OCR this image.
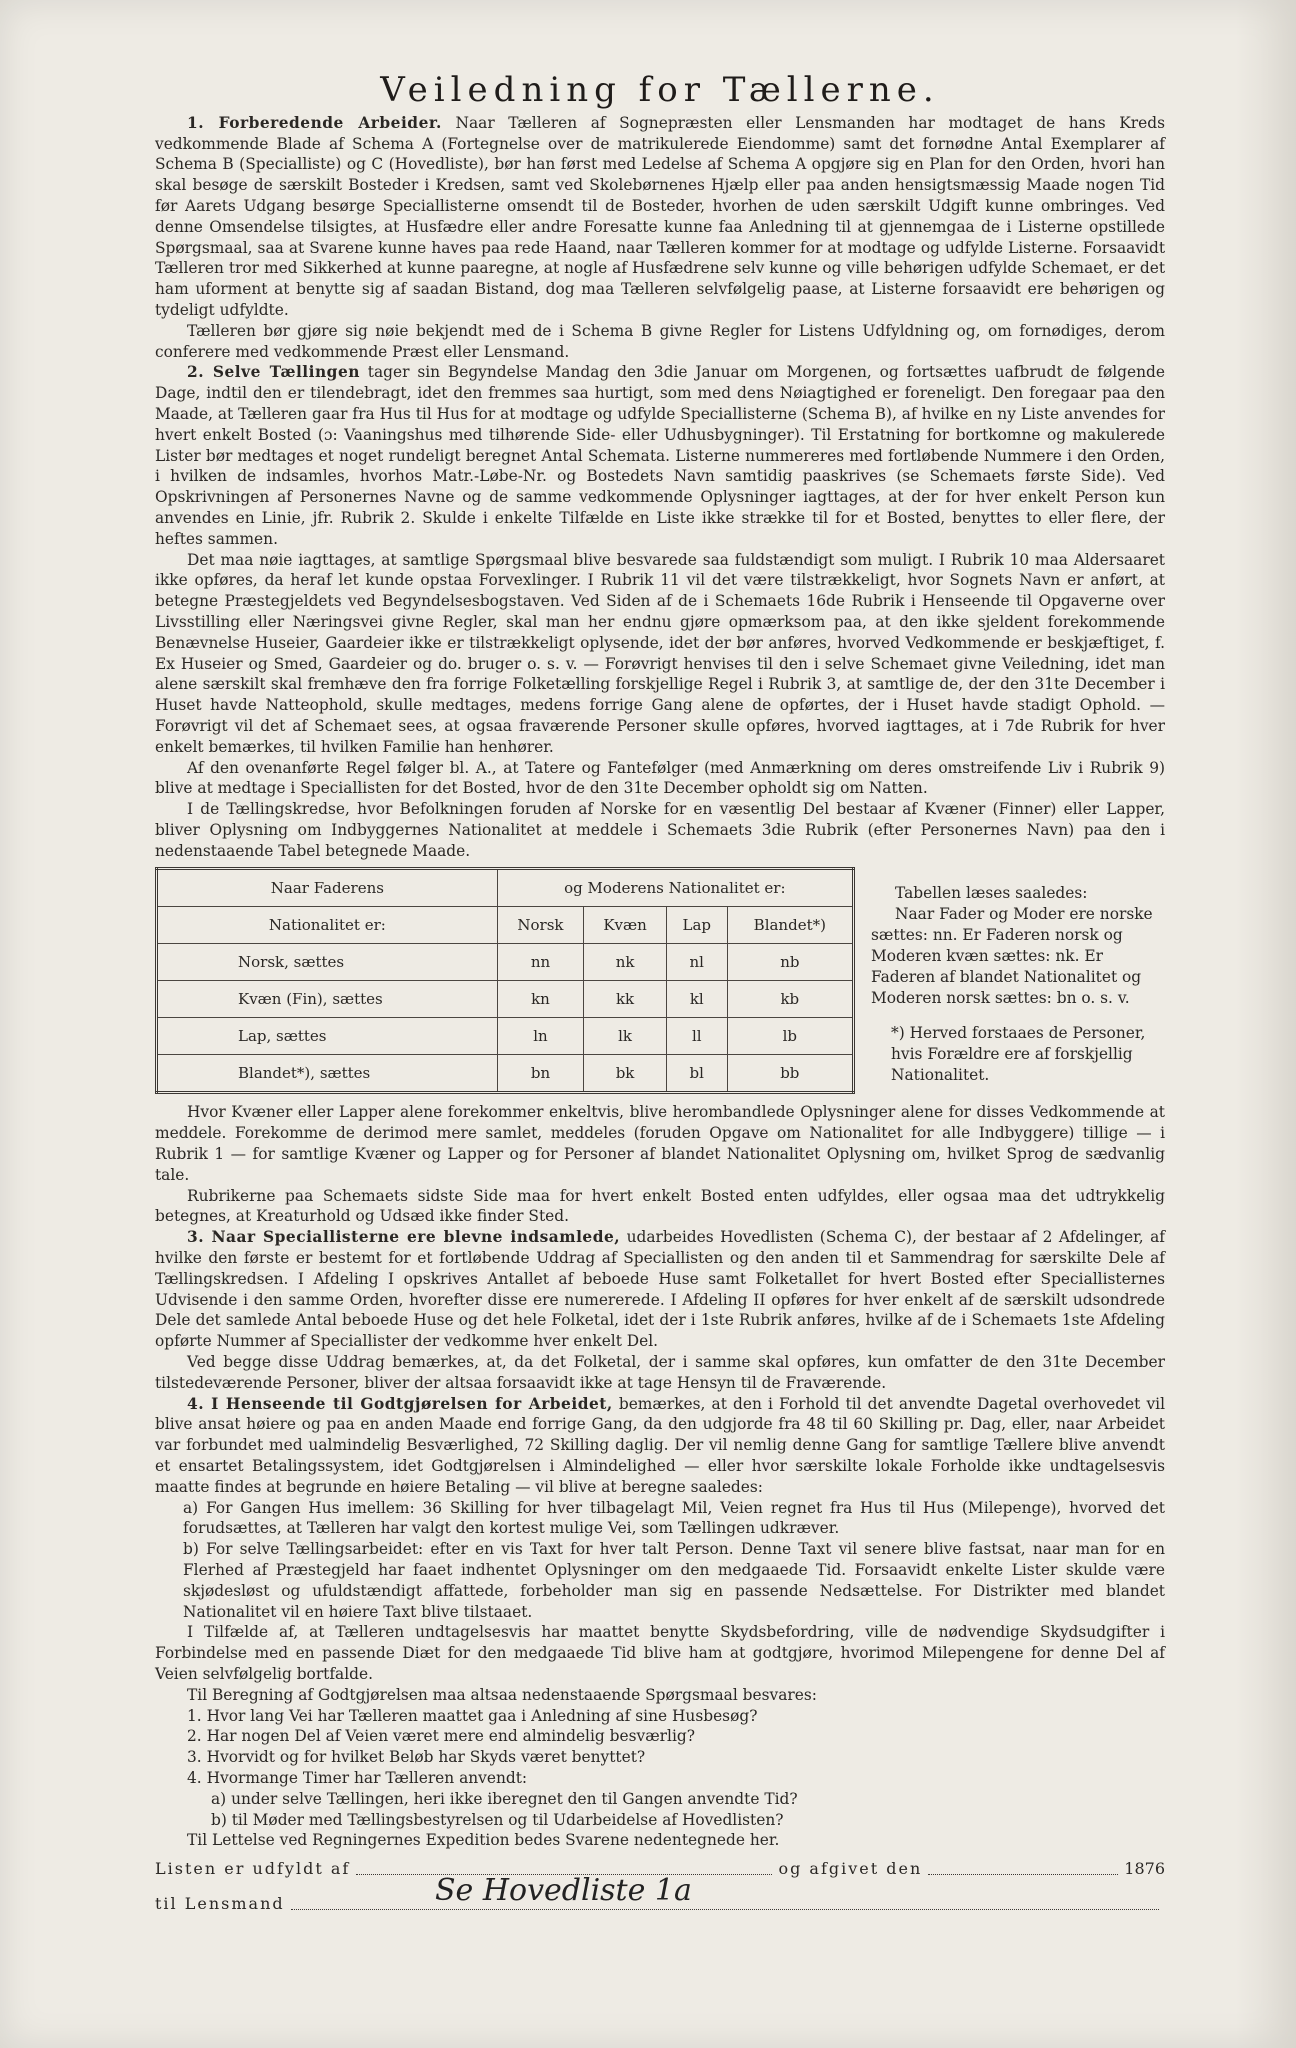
Veiledning for Tællerne.

1. Forberedende Arbeider. Naar Tælleren af Sognepræsten eller Lensmanden har modtaget de hans Kreds vedkommende Blade af Schema A (Fortegnelse over de matrikulerede Eiendomme) samt det fornødne Antal Exemplarer af Schema B (Specialliste) og C (Hovedliste), bør han først med Ledelse af Schema A opgjøre sig en Plan for den Orden, hvori han skal besøge de særskilt Bosteder i Kredsen, samt ved Skolebørnenes Hjælp eller paa anden hensigtsmæssig Maade nogen Tid før Aarets Udgang besørge Speciallisterne omsendt til de Bosteder, hvorhen de uden særskilt Udgift kunne ombringes. Ved denne Omsendelse tilsigtes, at Husfædre eller andre Foresatte kunne faa Anledning til at gjennemgaa de i Listerne opstillede Spørgsmaal, saa at Svarene kunne haves paa rede Haand, naar Tælleren kommer for at modtage og udfylde Listerne. Forsaavidt Tælleren tror med Sikkerhed at kunne paaregne, at nogle af Husfædrene selv kunne og ville behørigen udfylde Schemaet, er det ham uforment at benytte sig af saadan Bistand, dog maa Tælleren selvfølgelig paase, at Listerne forsaavidt ere behørigen og tydeligt udfyldte.

Tælleren bør gjøre sig nøie bekjendt med de i Schema B givne Regler for Listens Udfyldning og, om fornødiges, derom conferere med vedkommende Præst eller Lensmand.

2. Selve Tællingen tager sin Begyndelse Mandag den 3die Januar om Morgenen, og fortsættes uafbrudt de følgende Dage, indtil den er tilendebragt, idet den fremmes saa hurtigt, som med dens Nøiagtighed er foreneligt. Den foregaar paa den Maade, at Tælleren gaar fra Hus til Hus for at modtage og udfylde Speciallisterne (Schema B), af hvilke en ny Liste anvendes for hvert enkelt Bosted (ɔ: Vaaningshus med tilhørende Side- eller Udhusbygninger). Til Erstatning for bortkomne og makulerede Lister bør medtages et noget rundeligt beregnet Antal Schemata. Listerne nummereres med fortløbende Nummere i den Orden, i hvilken de indsamles, hvorhos Matr.-Løbe-Nr. og Bostedets Navn samtidig paaskrives (se Schemaets første Side). Ved Opskrivningen af Personernes Navne og de samme vedkommende Oplysninger iagttages, at der for hver enkelt Person kun anvendes en Linie, jfr. Rubrik 2. Skulde i enkelte Tilfælde en Liste ikke strække til for et Bosted, benyttes to eller flere, der heftes sammen.

Det maa nøie iagttages, at samtlige Spørgsmaal blive besvarede saa fuldstændigt som muligt. I Rubrik 10 maa Aldersaaret ikke opføres, da heraf let kunde opstaa Forvexlinger. I Rubrik 11 vil det være tilstrækkeligt, hvor Sognets Navn er anført, at betegne Præstegjeldets ved Begyndelsesbogstaven. Ved Siden af de i Schemaets 16de Rubrik i Henseende til Opgaverne over Livsstilling eller Næringsvei givne Regler, skal man her endnu gjøre opmærksom paa, at den ikke sjeldent forekommende Benævnelse Huseier, Gaardeier ikke er tilstrækkeligt oplysende, idet der bør anføres, hvorved Vedkommende er beskjæftiget, f. Ex Huseier og Smed, Gaardeier og do. bruger o. s. v. — Forøvrigt henvises til den i selve Schemaet givne Veiledning, idet man alene særskilt skal fremhæve den fra forrige Folketælling forskjellige Regel i Rubrik 3, at samtlige de, der den 31te December i Huset havde Natteophold, skulle medtages, medens forrige Gang alene de opførtes, der i Huset havde stadigt Ophold. — Forøvrigt vil det af Schemaet sees, at ogsaa fraværende Personer skulle opføres, hvorved iagttages, at i 7de Rubrik for hver enkelt bemærkes, til hvilken Familie han henhører.

Af den ovenanførte Regel følger bl. A., at Tatere og Fantefølger (med Anmærkning om deres omstreifende Liv i Rubrik 9) blive at medtage i Speciallisten for det Bosted, hvor de den 31te December opholdt sig om Natten.

I de Tællingskredse, hvor Befolkningen foruden af Norske for en væsentlig Del bestaar af Kvæner (Finner) eller Lapper, bliver Oplysning om Indbyggernes Nationalitet at meddele i Schemaets 3die Rubrik (efter Personernes Navn) paa den i nedenstaaende Tabel betegnede Maade.

Naar Faderens	og Moderens Nationalitet er:			
Nationalitet er:	Norsk	Kvæn	Lap	Blandet*)
Norsk, sættes	nn	nk	nl	nb
Kvæn (Fin), sættes	kn	kk	kl	kb
Lap, sættes	ln	lk	ll	lb
Blandet*), sættes	bn	bk	bl	bb

Tabellen læses saaledes:

Naar Fader og Moder ere norske sættes: nn. Er Faderen norsk og Moderen kvæn sættes: nk. Er Faderen af blandet Nationalitet og Moderen norsk sættes: bn o. s. v.

*) Herved forstaaes de Personer, hvis Forældre ere af forskjellig Nationalitet.

Hvor Kvæner eller Lapper alene forekommer enkeltvis, blive herombandlede Oplysninger alene for disses Vedkommende at meddele. Forekomme de derimod mere samlet, meddeles (foruden Opgave om Nationalitet for alle Indbyggere) tillige — i Rubrik 1 — for samtlige Kvæner og Lapper og for Personer af blandet Nationalitet Oplysning om, hvilket Sprog de sædvanlig tale.

Rubrikerne paa Schemaets sidste Side maa for hvert enkelt Bosted enten udfyldes, eller ogsaa maa det udtrykkelig betegnes, at Kreaturhold og Udsæd ikke finder Sted.

3. Naar Speciallisterne ere blevne indsamlede, udarbeides Hovedlisten (Schema C), der bestaar af 2 Afdelinger, af hvilke den første er bestemt for et fortløbende Uddrag af Speciallisten og den anden til et Sammendrag for særskilte Dele af Tællingskredsen. I Afdeling I opskrives Antallet af beboede Huse samt Folketallet for hvert Bosted efter Speciallisternes Udvisende i den samme Orden, hvorefter disse ere numererede. I Afdeling II opføres for hver enkelt af de særskilt udsondrede Dele det samlede Antal beboede Huse og det hele Folketal, idet der i 1ste Rubrik anføres, hvilke af de i Schemaets 1ste Afdeling opførte Nummer af Speciallister der vedkomme hver enkelt Del.

Ved begge disse Uddrag bemærkes, at, da det Folketal, der i samme skal opføres, kun omfatter de den 31te December tilstedeværende Personer, bliver der altsaa forsaavidt ikke at tage Hensyn til de Fraværende.

4. I Henseende til Godtgjørelsen for Arbeidet, bemærkes, at den i Forhold til det anvendte Dagetal overhovedet vil blive ansat høiere og paa en anden Maade end forrige Gang, da den udgjorde fra 48 til 60 Skilling pr. Dag, eller, naar Arbeidet var forbundet med ualmindelig Besværlighed, 72 Skilling daglig. Der vil nemlig denne Gang for samtlige Tællere blive anvendt et ensartet Betalingssystem, idet Godtgjørelsen i Almindelighed — eller hvor særskilte lokale Forholde ikke undtagelsesvis maatte findes at begrunde en høiere Betaling — vil blive at beregne saaledes:

a) For Gangen Hus imellem: 36 Skilling for hver tilbagelagt Mil, Veien regnet fra Hus til Hus (Milepenge), hvorved det forudsættes, at Tælleren har valgt den kortest mulige Vei, som Tællingen udkræver.

b) For selve Tællingsarbeidet: efter en vis Taxt for hver talt Person. Denne Taxt vil senere blive fastsat, naar man for en Flerhed af Præstegjeld har faaet indhentet Oplysninger om den medgaaede Tid. Forsaavidt enkelte Lister skulde være skjødesløst og ufuldstændigt affattede, forbeholder man sig en passende Nedsættelse. For Distrikter med blandet Nationalitet vil en høiere Taxt blive tilstaaet.

I Tilfælde af, at Tælleren undtagelsesvis har maattet benytte Skydsbefordring, ville de nødvendige Skydsudgifter i Forbindelse med en passende Diæt for den medgaaede Tid blive ham at godtgjøre, hvorimod Milepengene for denne Del af Veien selvfølgelig bortfalde.

Til Beregning af Godtgjørelsen maa altsaa nedenstaaende Spørgsmaal besvares:

1. Hvor lang Vei har Tælleren maattet gaa i Anledning af sine Husbesøg?
2. Har nogen Del af Veien været mere end almindelig besværlig?
3. Hvorvidt og for hvilket Beløb har Skyds været benyttet?
4. Hvormange Timer har Tælleren anvendt:
a) under selve Tællingen, heri ikke iberegnet den til Gangen anvendte Tid?
b) til Møder med Tællingsbestyrelsen og til Udarbeidelse af Hovedlisten?

Til Lettelse ved Regningernes Expedition bedes Svarene nedentegnede her.

Listen er udfyldt af	og afgivet den	1876
til Lensmand	Se Hovedliste 1a
